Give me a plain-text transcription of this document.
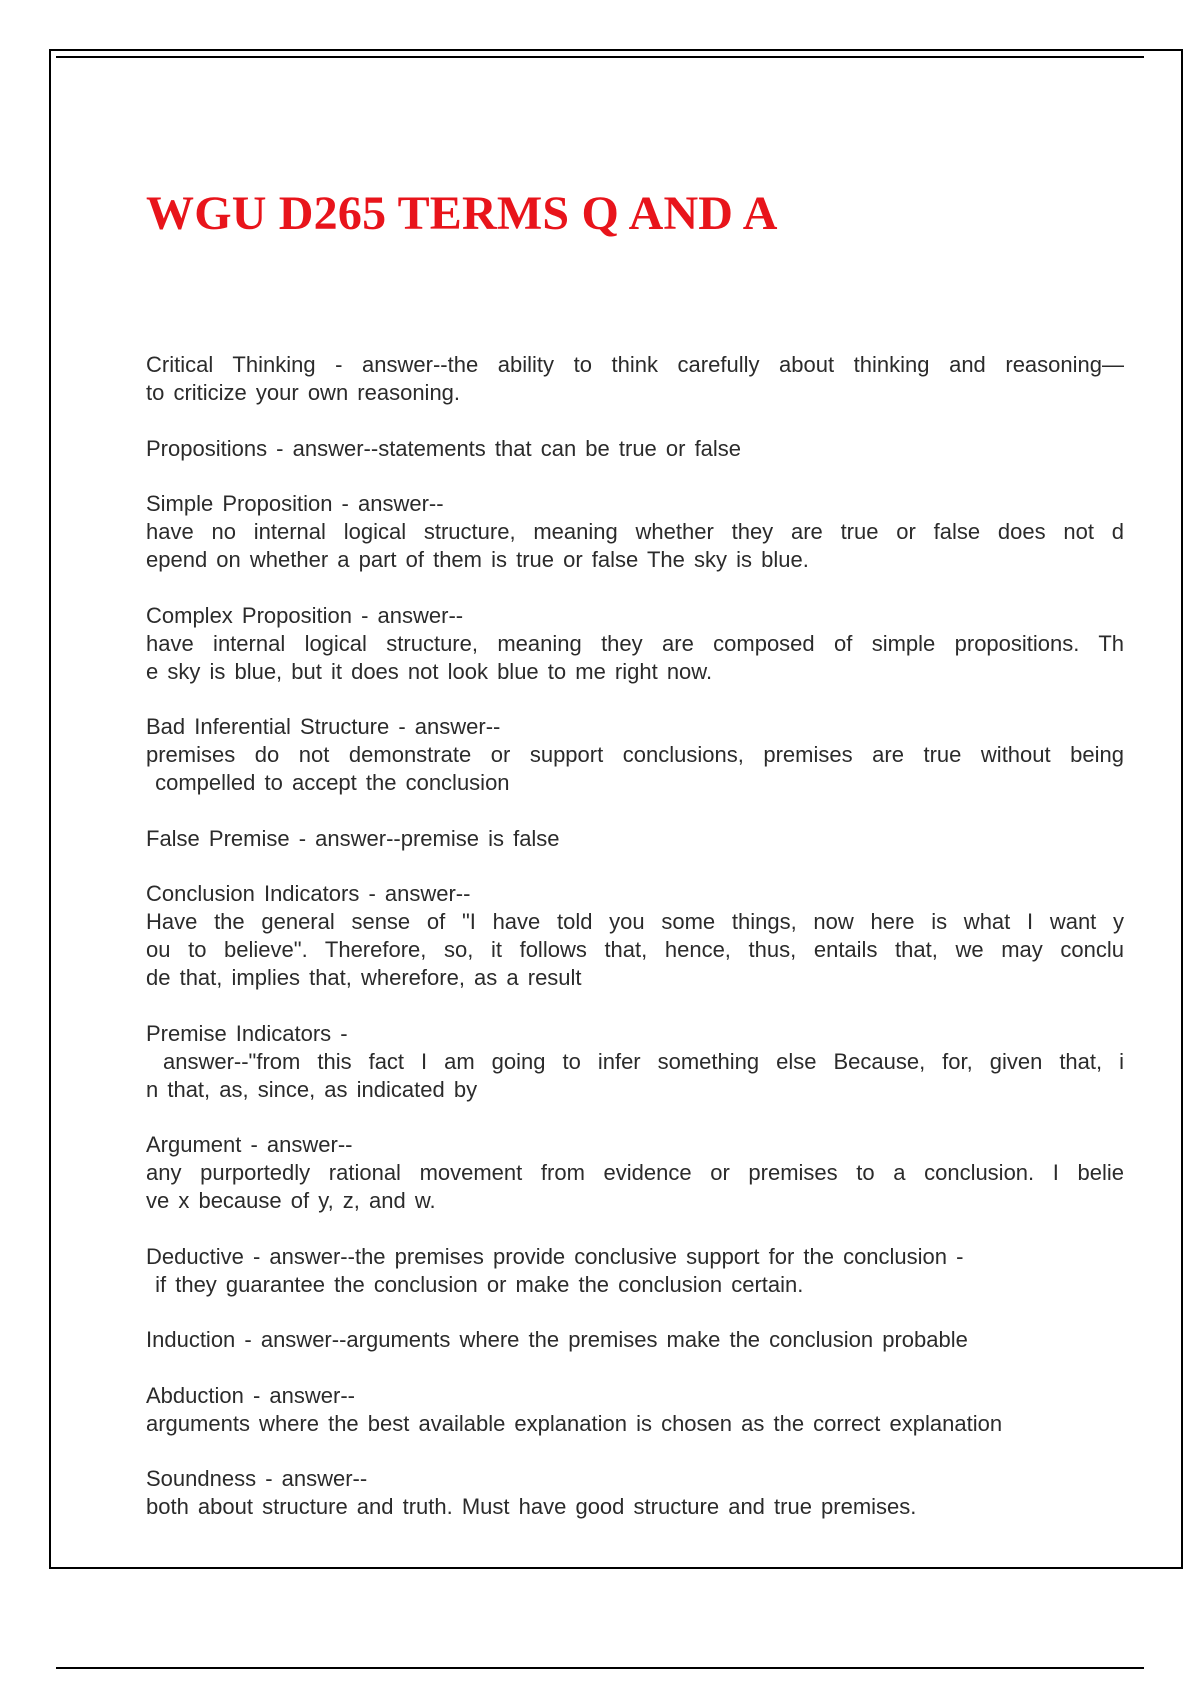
WGU D265 TERMS Q AND A
Critical Thinking - answer--the ability to think carefully about thinking and reasoning—
to criticize your own reasoning.
Propositions - answer--statements that can be true or false
Simple Proposition - answer--
have no internal logical structure, meaning whether they are true or false does not d
epend on whether a part of them is true or false The sky is blue.
Complex Proposition - answer--
have internal logical structure, meaning they are composed of simple propositions. Th
e sky is blue, but it does not look blue to me right now.
Bad Inferential Structure - answer--
premises do not demonstrate or support conclusions, premises are true without being
compelled to accept the conclusion
False Premise - answer--premise is false
Conclusion Indicators - answer--
Have the general sense of "I have told you some things, now here is what I want y
ou to believe". Therefore, so, it follows that, hence, thus, entails that, we may conclu
de that, implies that, wherefore, as a result
Premise Indicators -
answer--"from this fact I am going to infer something else Because, for, given that, i
n that, as, since, as indicated by
Argument - answer--
any purportedly rational movement from evidence or premises to a conclusion. I belie
ve x because of y, z, and w.
Deductive - answer--the premises provide conclusive support for the conclusion -
if they guarantee the conclusion or make the conclusion certain.
Induction - answer--arguments where the premises make the conclusion probable
Abduction - answer--
arguments where the best available explanation is chosen as the correct explanation
Soundness - answer--
both about structure and truth. Must have good structure and true premises.
